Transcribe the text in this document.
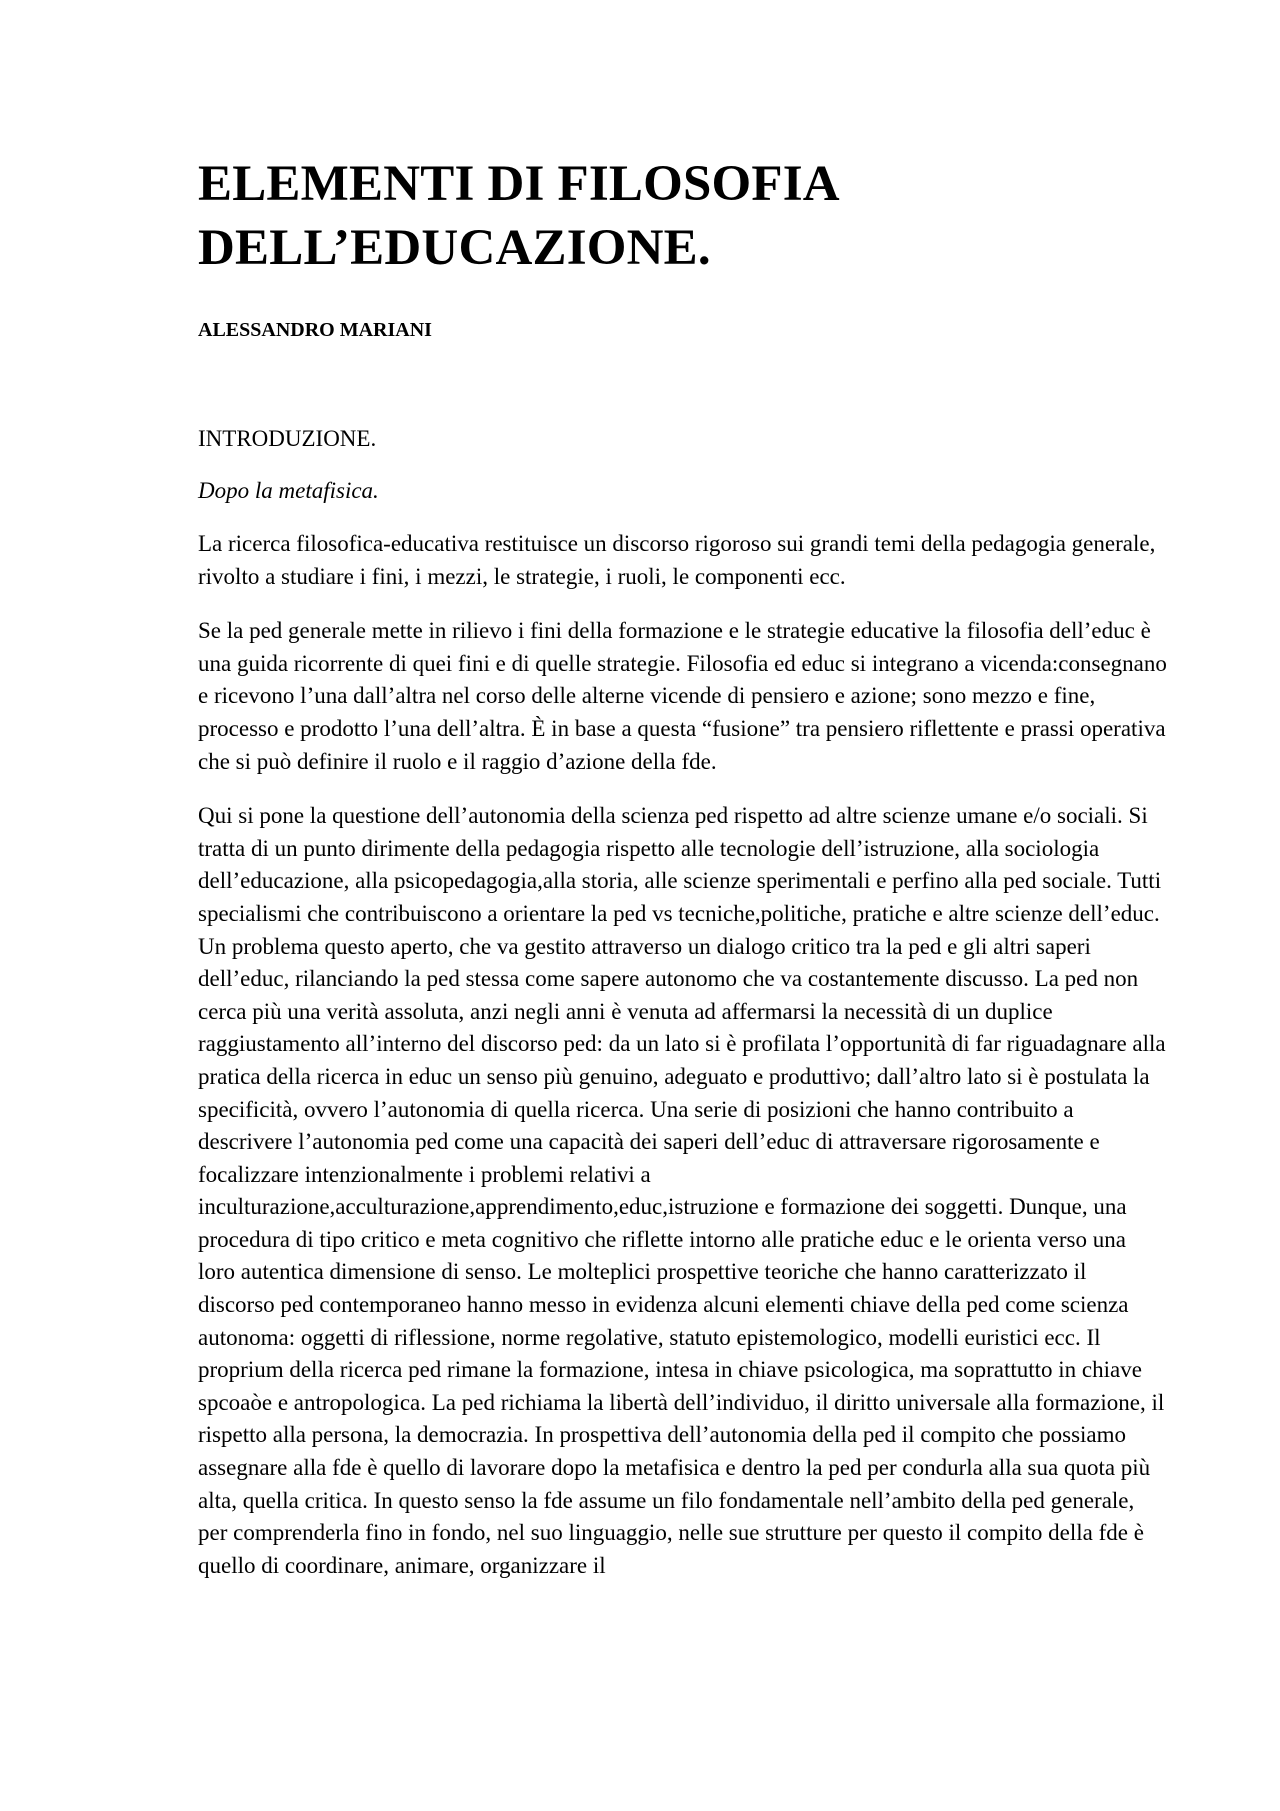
ELEMENTI DI FILOSOFIA
DELL’EDUCAZIONE.

ALESSANDRO MARIANI

INTRODUZIONE.
Dopo la metafisica.

La ricerca filosofica-educativa restituisce un discorso rigoroso sui grandi temi della pedagogia generale, rivolto a studiare i fini, i mezzi, le strategie, i ruoli, le componenti ecc.

Se la ped generale mette in rilievo i fini della formazione e le strategie educative la filosofia dell’educ è una guida ricorrente di quei fini e di quelle strategie. Filosofia ed educ si integrano a vicenda:consegnano e ricevono l’una dall’altra nel corso delle alterne vicende di pensiero e azione; sono mezzo e fine, processo e prodotto l’una dell’altra. È in base a questa “fusione” tra pensiero riflettente e prassi operativa che si può definire il ruolo e il raggio d’azione della fde.

Qui si pone la questione dell’autonomia della scienza ped rispetto ad altre scienze umane e/o sociali. Si tratta di un punto dirimente della pedagogia rispetto alle tecnologie dell’istruzione, alla sociologia dell’educazione, alla psicopedagogia,alla storia, alle scienze sperimentali e perfino alla ped sociale. Tutti specialismi che contribuiscono a orientare la ped vs tecniche,politiche, pratiche e altre scienze dell’educ. Un problema questo aperto, che va gestito attraverso un dialogo critico tra la ped e gli altri saperi dell’educ, rilanciando la ped stessa come sapere autonomo che va costantemente discusso. La ped non cerca più una verità assoluta, anzi negli anni è venuta ad affermarsi la necessità di un duplice raggiustamento all’interno del discorso ped: da un lato si è profilata l’opportunità di far riguadagnare alla pratica della ricerca in educ un senso più genuino, adeguato e produttivo; dall’altro lato si è postulata la specificità, ovvero l’autonomia di quella ricerca. Una serie di posizioni che hanno contribuito a descrivere l’autonomia ped come una capacità dei saperi dell’educ di attraversare rigorosamente e focalizzare intenzionalmente i problemi relativi a inculturazione,acculturazione,apprendimento,educ,istruzione e formazione dei soggetti. Dunque, una procedura di tipo critico e meta cognitivo che riflette intorno alle pratiche educ e le orienta verso una loro autentica dimensione di senso. Le molteplici prospettive teoriche che hanno caratterizzato il discorso ped contemporaneo hanno messo in evidenza alcuni elementi chiave della ped come scienza autonoma: oggetti di riflessione, norme regolative, statuto epistemologico, modelli euristici ecc. Il proprium della ricerca ped rimane la formazione, intesa in chiave psicologica, ma soprattutto in chiave spcoaòe e antropologica. La ped richiama la libertà dell’individuo, il diritto universale alla formazione, il rispetto alla persona, la democrazia. In prospettiva dell’autonomia della ped il compito che possiamo assegnare alla fde è quello di lavorare dopo la metafisica e dentro la ped per condurla alla sua quota più alta, quella critica. In questo senso la fde assume un filo fondamentale nell’ambito della ped generale, per comprenderla fino in fondo, nel suo linguaggio, nelle sue strutture per questo il compito della fde è quello di coordinare, animare, organizzare il
